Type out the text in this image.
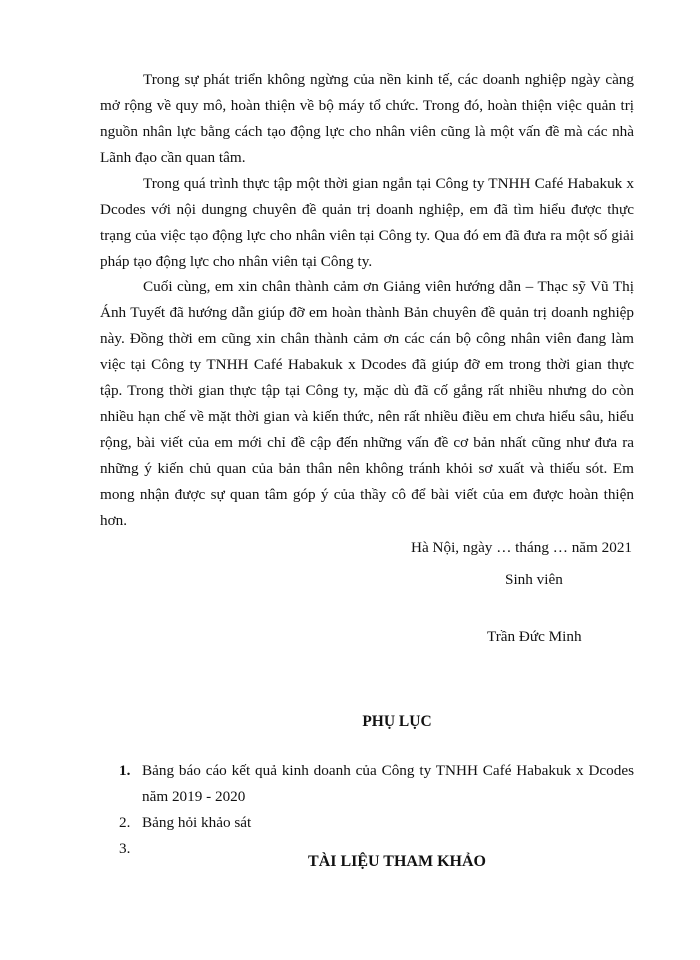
Trong sự phát triển không ngừng của nền kinh tế, các doanh nghiệp ngày càng mở rộng về quy mô, hoàn thiện về bộ máy tổ chức. Trong đó, hoàn thiện việc quản trị nguồn nhân lực bằng cách tạo động lực cho nhân viên cũng là một vấn đề mà các nhà Lãnh đạo cần quan tâm.

Trong quá trình thực tập một thời gian ngắn tại Công ty TNHH Café Habakuk x Dcodes với nội dungng chuyên đề quản trị doanh nghiệp, em đã tìm hiểu được thực trạng của việc tạo động lực cho nhân viên tại Công ty. Qua đó em đã đưa ra một số giải pháp tạo động lực cho nhân viên tại Công ty.

Cuối cùng, em xin chân thành cảm ơn Giảng viên hướng dẫn – Thạc sỹ Vũ Thị Ánh Tuyết đã hướng dẫn giúp đỡ em hoàn thành Bản chuyên đề quản trị doanh nghiệp này. Đồng thời em cũng xin chân thành cảm ơn các cán bộ công nhân viên đang làm việc tại Công ty TNHH Café Habakuk x Dcodes đã giúp đỡ em trong thời gian thực tập. Trong thời gian thực tập tại Công ty, mặc dù đã cố gắng rất nhiều nhưng do còn nhiều hạn chế về mặt thời gian và kiến thức, nên rất nhiều điều em chưa hiểu sâu, hiểu rộng, bài viết của em mới chỉ đề cập đến những vấn đề cơ bản nhất cũng như đưa ra những ý kiến chủ quan của bản thân nên không tránh khỏi sơ xuất và thiếu sót. Em mong nhận được sự quan tâm góp ý của thầy cô để bài viết của em được hoàn thiện hơn.

Hà Nội, ngày … tháng … năm 2021
Sinh viên
Trần Đức Minh
PHỤ LỤC
1. Bảng báo cáo kết quả kinh doanh của Công ty TNHH Café Habakuk x Dcodes năm 2019 - 2020
2. Bảng hỏi khảo sát
3.

TÀI LIỆU THAM KHẢO
